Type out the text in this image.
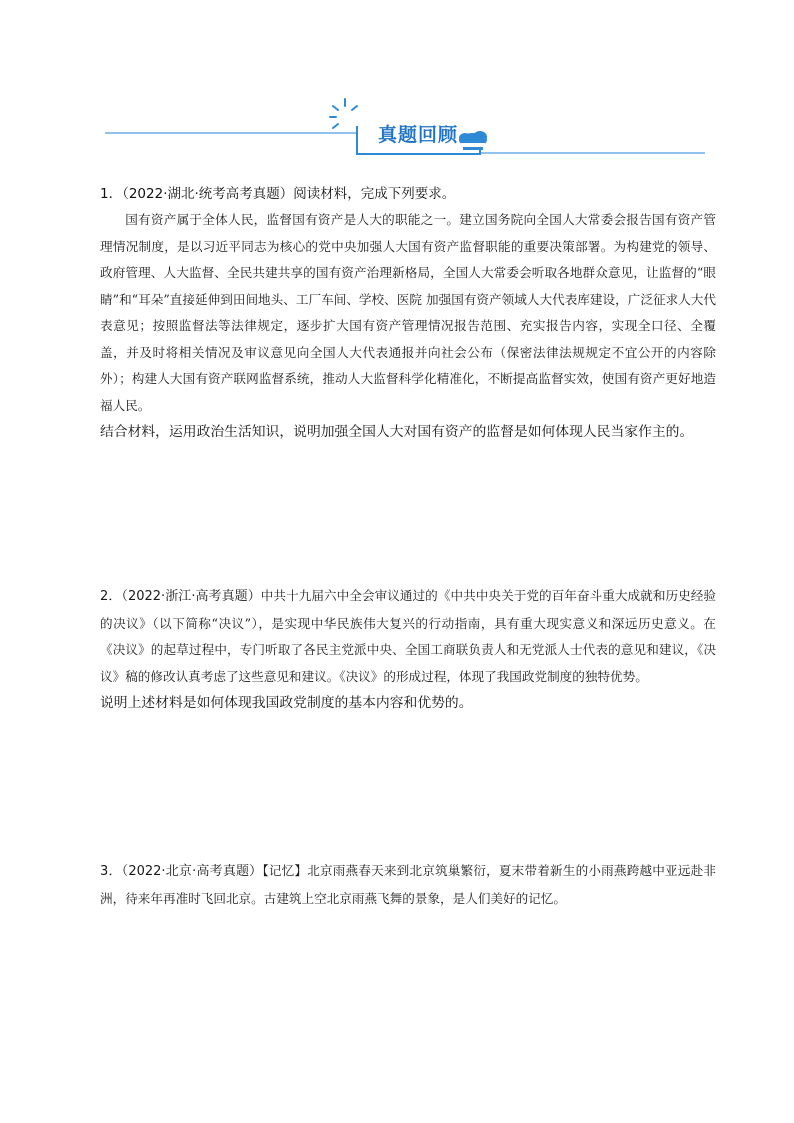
真题回顾
1．（2022·湖北·统考高考真题）阅读材料，完成下列要求。
国有资产属于全体人民，监督国有资产是人大的职能之一。建立国务院向全国人大常委会报告国有资产管理情况制度，是以习近平同志为核心的党中央加强人大国有资产监督职能的重要决策部署。为构建党的领导、政府管理、人大监督、全民共建共享的国有资产治理新格局，全国人大常委会听取各地群众意见，让监督的“眼睛”和“耳朵”直接延伸到田间地头、工厂车间、学校、医院 加强国有资产领域人大代表库建设，广泛征求人大代表意见；按照监督法等法律规定，逐步扩大国有资产管理情况报告范围、充实报告内容，实现全口径、全覆盖，并及时将相关情况及审议意见向全国人大代表通报并向社会公布（保密法律法规规定不宜公开的内容除外）；构建人大国有资产联网监督系统，推动人大监督科学化精准化，不断提高监督实效，使国有资产更好地造福人民。
结合材料，运用政治生活知识，说明加强全国人大对国有资产的监督是如何体现人民当家作主的。
2．（2022·浙江·高考真题）中共十九届六中全会审议通过的《中共中央关于党的百年奋斗重大成就和历史经验的决议》（以下简称“决议”），是实现中华民族伟大复兴的行动指南，具有重大现实意义和深远历史意义。在《决议》的起草过程中，专门听取了各民主党派中央、全国工商联负责人和无党派人士代表的意见和建议，《决议》稿的修改认真考虑了这些意见和建议。《决议》的形成过程，体现了我国政党制度的独特优势。
说明上述材料是如何体现我国政党制度的基本内容和优势的。
3．（2022·北京·高考真题）【记忆】北京雨燕春天来到北京筑巢繁衍，夏末带着新生的小雨燕跨越中亚远赴非洲，待来年再准时飞回北京。古建筑上空北京雨燕飞舞的景象，是人们美好的记忆。
